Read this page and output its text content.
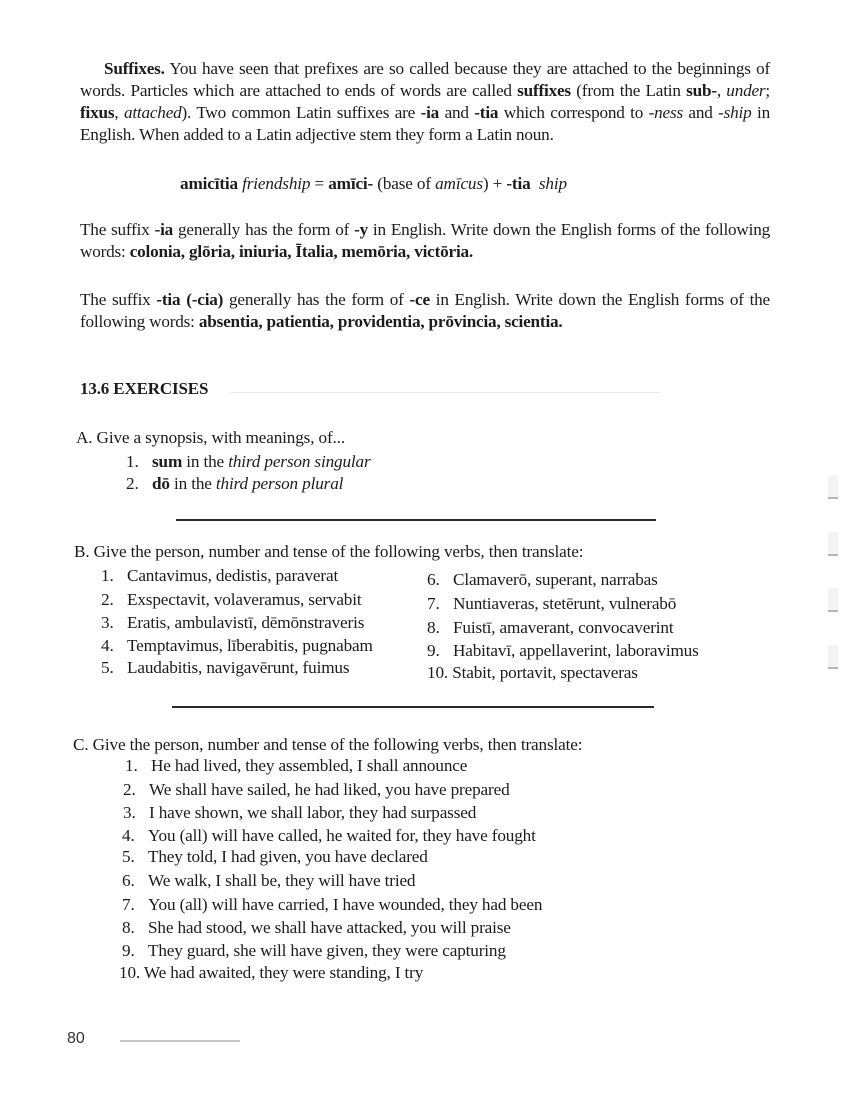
Suffixes. You have seen that prefixes are so called because they are attached to the beginnings of words. Particles which are attached to ends of words are called suffixes (from the Latin sub-, under; fixus, attached). Two common Latin suffixes are -ia and -tia which correspond to -ness and -ship in English. When added to a Latin adjective stem they form a Latin noun.
amicītia friendship = amīci- (base of amīcus) + -tia ship
The suffix -ia generally has the form of -y in English. Write down the English forms of the following words: colonia, glōria, iniuria, Ītalia, memōria, victōria.
The suffix -tia (-cia) generally has the form of -ce in English. Write down the English forms of the following words: absentia, patientia, providentia, prōvincia, scientia.
13.6 EXERCISES
A. Give a synopsis, with meanings, of...
1. sum in the third person singular
2. dō in the third person plural
B. Give the person, number and tense of the following verbs, then translate:
1. Cantavimus, dedistis, paraverat
2. Exspectavit, volaveramus, servabit
3. Eratis, ambulavistī, dēmōnstraveris
4. Temptavimus, līberabitis, pugnabam
5. Laudabitis, navigavērunt, fuimus
6. Clamaverō, superant, narrabas
7. Nuntiaveras, stetērunt, vulnerabō
8. Fuistī, amaverant, convocaverint
9. Habitavī, appellaverint, laboravimus
10. Stabit, portavit, spectaveras
C. Give the person, number and tense of the following verbs, then translate:
1. He had lived, they assembled, I shall announce
2. We shall have sailed, he had liked, you have prepared
3. I have shown, we shall labor, they had surpassed
4. You (all) will have called, he waited for, they have fought
5. They told, I had given, you have declared
6. We walk, I shall be, they will have tried
7. You (all) will have carried, I have wounded, they had been
8. She had stood, we shall have attacked, you will praise
9. They guard, she will have given, they were capturing
10. We had awaited, they were standing, I try
80
